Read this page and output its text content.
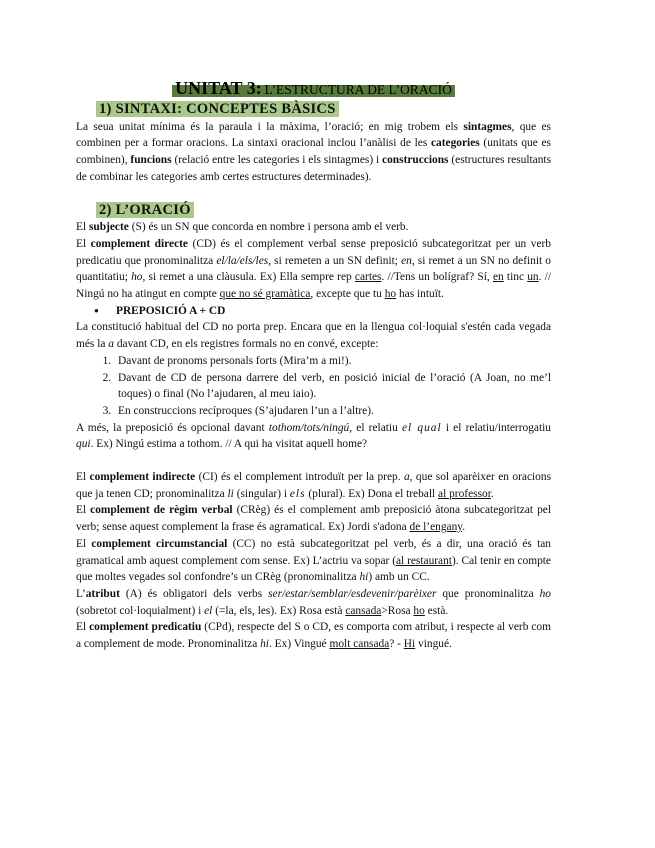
UNITAT 3: L’ESTRUCTURA DE L’ORACIÓ
1) SINTAXI: CONCEPTES BÀSICS

La seua unitat mínima és la paraula i la màxima, l’oració; en mig trobem els sintagmes, que es combinen per a formar oracions. La sintaxi oracional inclou l’anàlisi de les categories (unitats que es combinen), funcions (relació entre les categories i els sintagmes) i construccions (estructures resultants de combinar les categories amb certes estructures determinades).

2) L’ORACIÓ

El subjecte (S) és un SN que concorda en nombre i persona amb el verb.

El complement directe (CD) és el complement verbal sense preposició subcategoritzat per un verb predicatiu que pronominalitza el/la/els/les, si remeten a un SN definit; en, si remet a un SN no definit o quantitatiu; ho, si remet a una clàusula. Ex) Ella sempre rep cartes. //Tens un bolígraf? Sí, en tinc un. // Ningú no ha atingut en compte que no sé gramàtica, excepte que tu ho has intuït.

● PREPOSICIÓ A + CD

La constitució habitual del CD no porta prep. Encara que en la llengua col·loquial s'estén cada vegada més la a davant CD, en els registres formals no en convé, excepte:

1. Davant de pronoms personals forts (Mira’m a mi!).
2. Davant de CD de persona darrere del verb, en posició inicial de l’oració (A Joan, no me’l toques) o final (No l’ajudaren, al meu iaio).
3. En construccions recíproques (S’ajudaren l’un a l’altre).

A més, la preposició és opcional davant tothom/tots/ningú, el relatiu el qual i el relatiu/interrogatiu qui. Ex) Ningú estima a tothom. // A qui ha visitat aquell home?

El complement indirecte (CI) és el complement introduït per la prep. a, que sol aparèixer en oracions que ja tenen CD; pronominalitza li (singular) i els (plural). Ex) Dona el treball al professor.

El complement de règim verbal (CRèg) és el complement amb preposició àtona subcategoritzat pel verb; sense aquest complement la frase és agramatical. Ex) Jordi s'adona de l’engany.

El complement circumstancial (CC) no està subcategoritzat pel verb, és a dir, una oració és tan gramatical amb aquest complement com sense. Ex) L’actriu va sopar (al restaurant). Cal tenir en compte que moltes vegades sol confondre’s un CRèg (pronominalitza hi) amb un CC.

L’atribut (A) és obligatori dels verbs ser/estar/semblar/esdevenir/parèixer que pronominalitza ho (sobretot col·loquialment) i el (=la, els, les). Ex) Rosa està cansada>Rosa ho està.

El complement predicatiu (CPd), respecte del S o CD, es comporta com atribut, i respecte al verb com a complement de mode. Pronominalitza hi. Ex) Vingué molt cansada? - Hi vingué.
